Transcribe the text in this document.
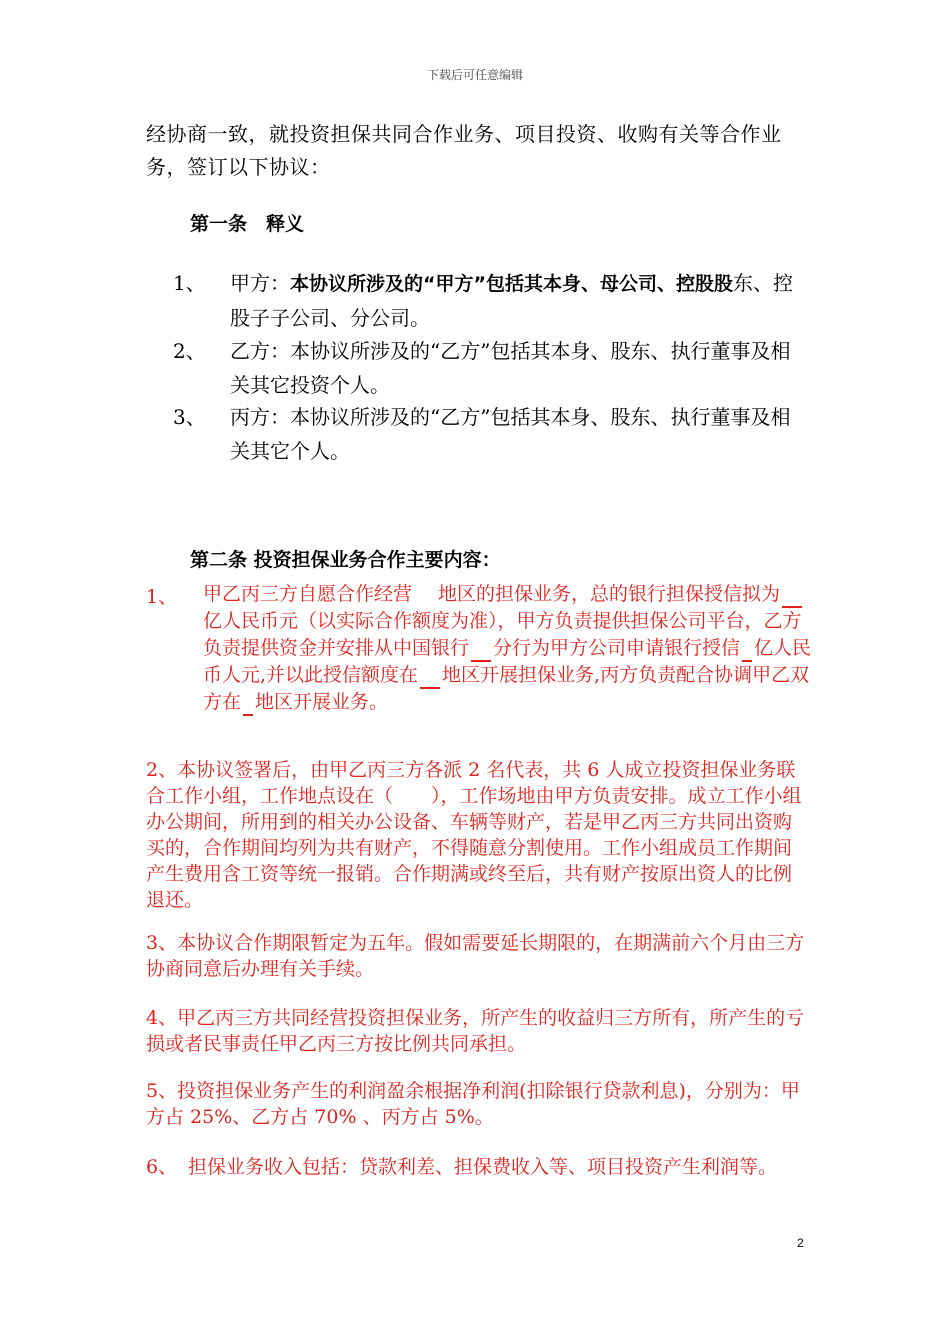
下载后可任意编辑
经协商一致，就投资担保共同合作业务、项目投资、收购有关等合作业务，签订以下协议：
第一条　释义
1、 甲方：本协议所涉及的“甲方”包括其本身、母公司、控股股东、控股子子公司、分公司。
2、 乙方：本协议所涉及的“乙方”包括其本身、股东、执行董事及相关其它投资个人。
3、 丙方：本协议所涉及的“乙方”包括其本身、股东、执行董事及相关其它个人。
第二条 投资担保业务合作主要内容：
1、 甲乙丙三方自愿合作经营 地区的担保业务，总的银行担保授信拟为亿人民币元（以实际合作额度为准），甲方负责提供担保公司平台，乙方负责提供资金并安排从中国银行 分行为甲方公司申请银行授信 亿人民币人元,并以此授信额度在 地区开展担保业务,丙方负责配合协调甲乙双方在 地区开展业务。
2、本协议签署后，由甲乙丙三方各派 2 名代表，共 6 人成立投资担保业务联合工作小组，工作地点设在（　　），工作场地由甲方负责安排。成立工作小组办公期间，所用到的相关办公设备、车辆等财产，若是甲乙丙三方共同出资购买的，合作期间均列为共有财产，不得随意分割使用。工作小组成员工作期间产生费用含工资等统一报销。合作期满或终至后，共有财产按原出资人的比例退还。
3、本协议合作期限暂定为五年。假如需要延长期限的，在期满前六个月由三方协商同意后办理有关手续。
4、甲乙丙三方共同经营投资担保业务，所产生的收益归三方所有，所产生的亏损或者民事责任甲乙丙三方按比例共同承担。
5、投资担保业务产生的利润盈余根据净利润(扣除银行贷款利息)，分别为：甲方占 25%、乙方占 70% 、丙方占 5%。
6、 担保业务收入包括：贷款利差、担保费收入等、项目投资产生利润等。
2
